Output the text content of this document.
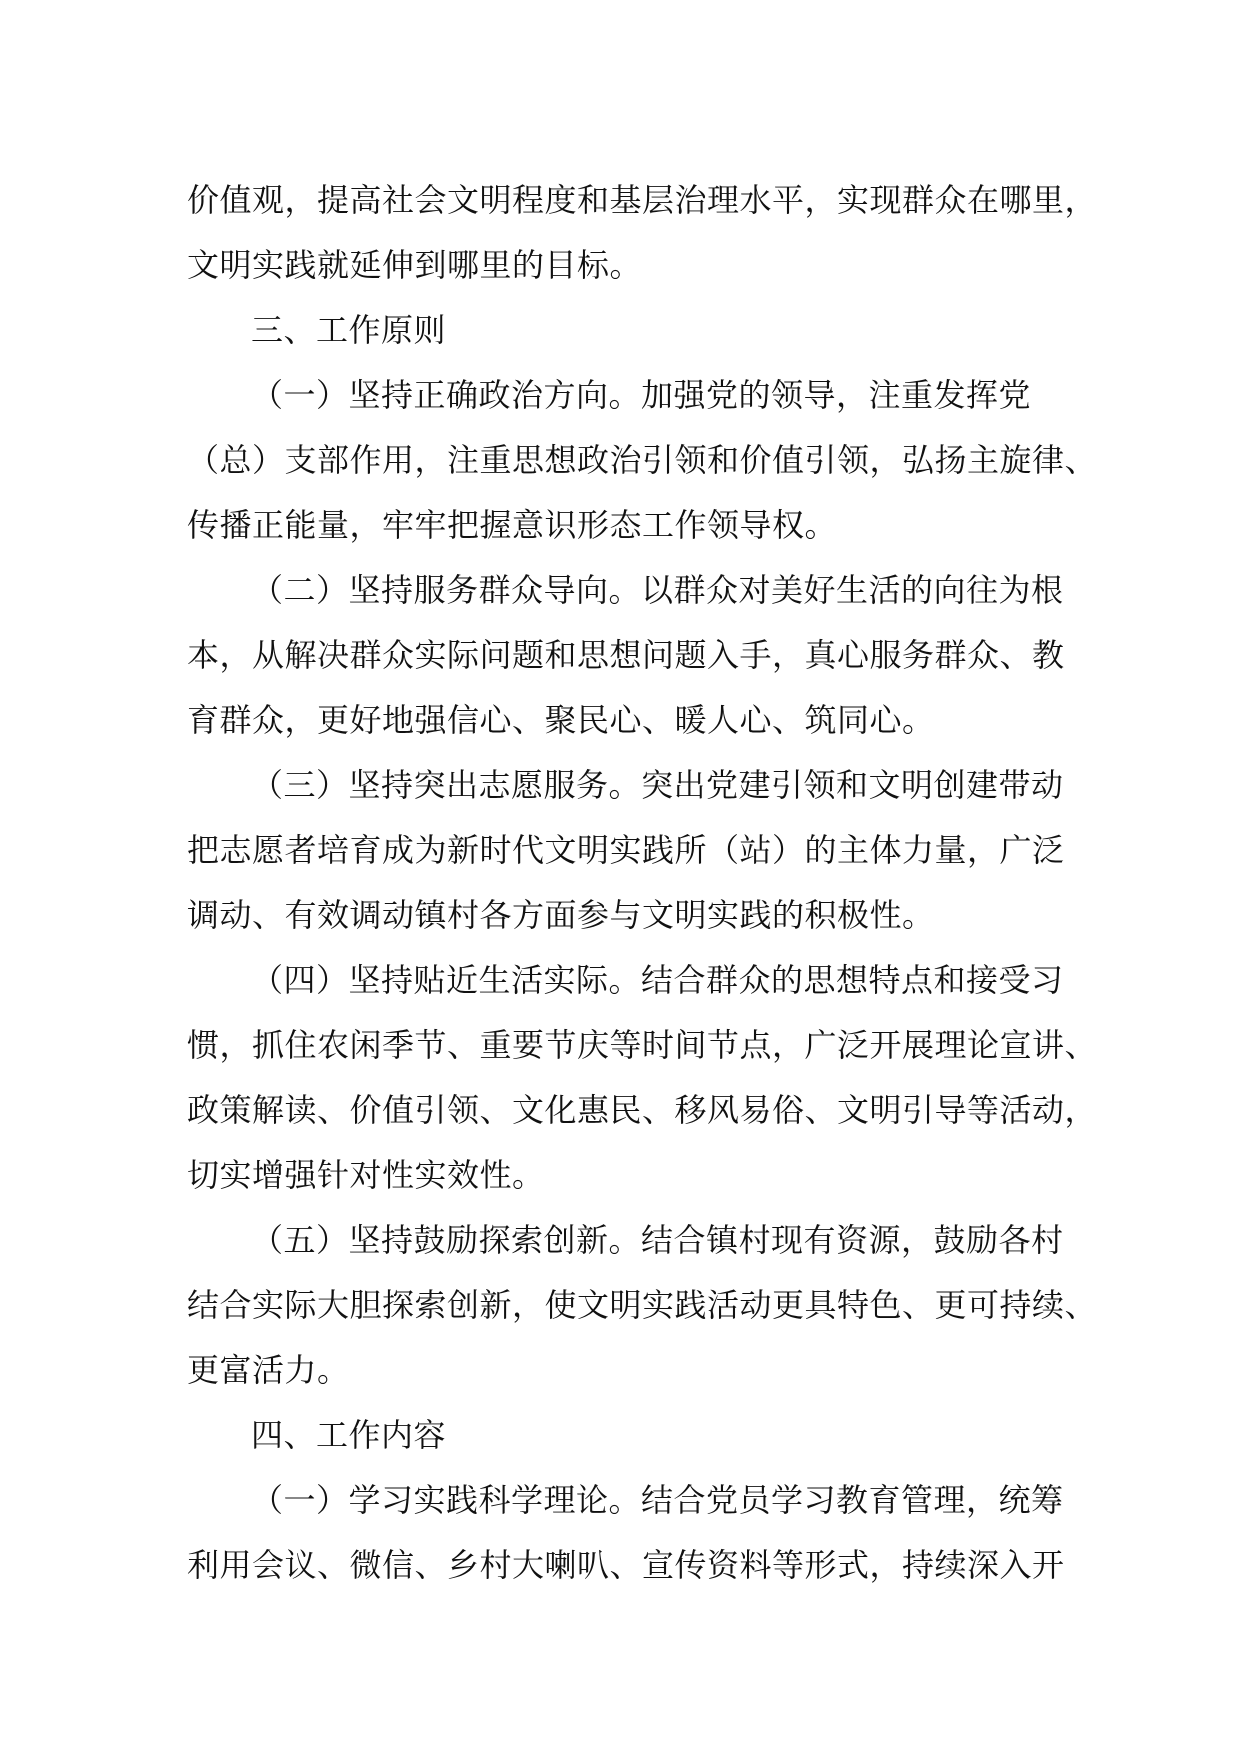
价值观，提高社会文明程度和基层治理水平，实现群众在哪里，
文明实践就延伸到哪里的目标。
三、工作原则
（一）坚持正确政治方向。加强党的领导，注重发挥党
（总）支部作用，注重思想政治引领和价值引领，弘扬主旋律、
传播正能量，牢牢把握意识形态工作领导权。
（二）坚持服务群众导向。以群众对美好生活的向往为根
本，从解决群众实际问题和思想问题入手，真心服务群众、教
育群众，更好地强信心、聚民心、暖人心、筑同心。
（三）坚持突出志愿服务。突出党建引领和文明创建带动
把志愿者培育成为新时代文明实践所（站）的主体力量，广泛
调动、有效调动镇村各方面参与文明实践的积极性。
（四）坚持贴近生活实际。结合群众的思想特点和接受习
惯，抓住农闲季节、重要节庆等时间节点，广泛开展理论宣讲、
政策解读、价值引领、文化惠民、移风易俗、文明引导等活动，
切实增强针对性实效性。
（五）坚持鼓励探索创新。结合镇村现有资源，鼓励各村
结合实际大胆探索创新，使文明实践活动更具特色、更可持续、
更富活力。
四、工作内容
（一）学习实践科学理论。结合党员学习教育管理，统筹
利用会议、微信、乡村大喇叭、宣传资料等形式，持续深入开
